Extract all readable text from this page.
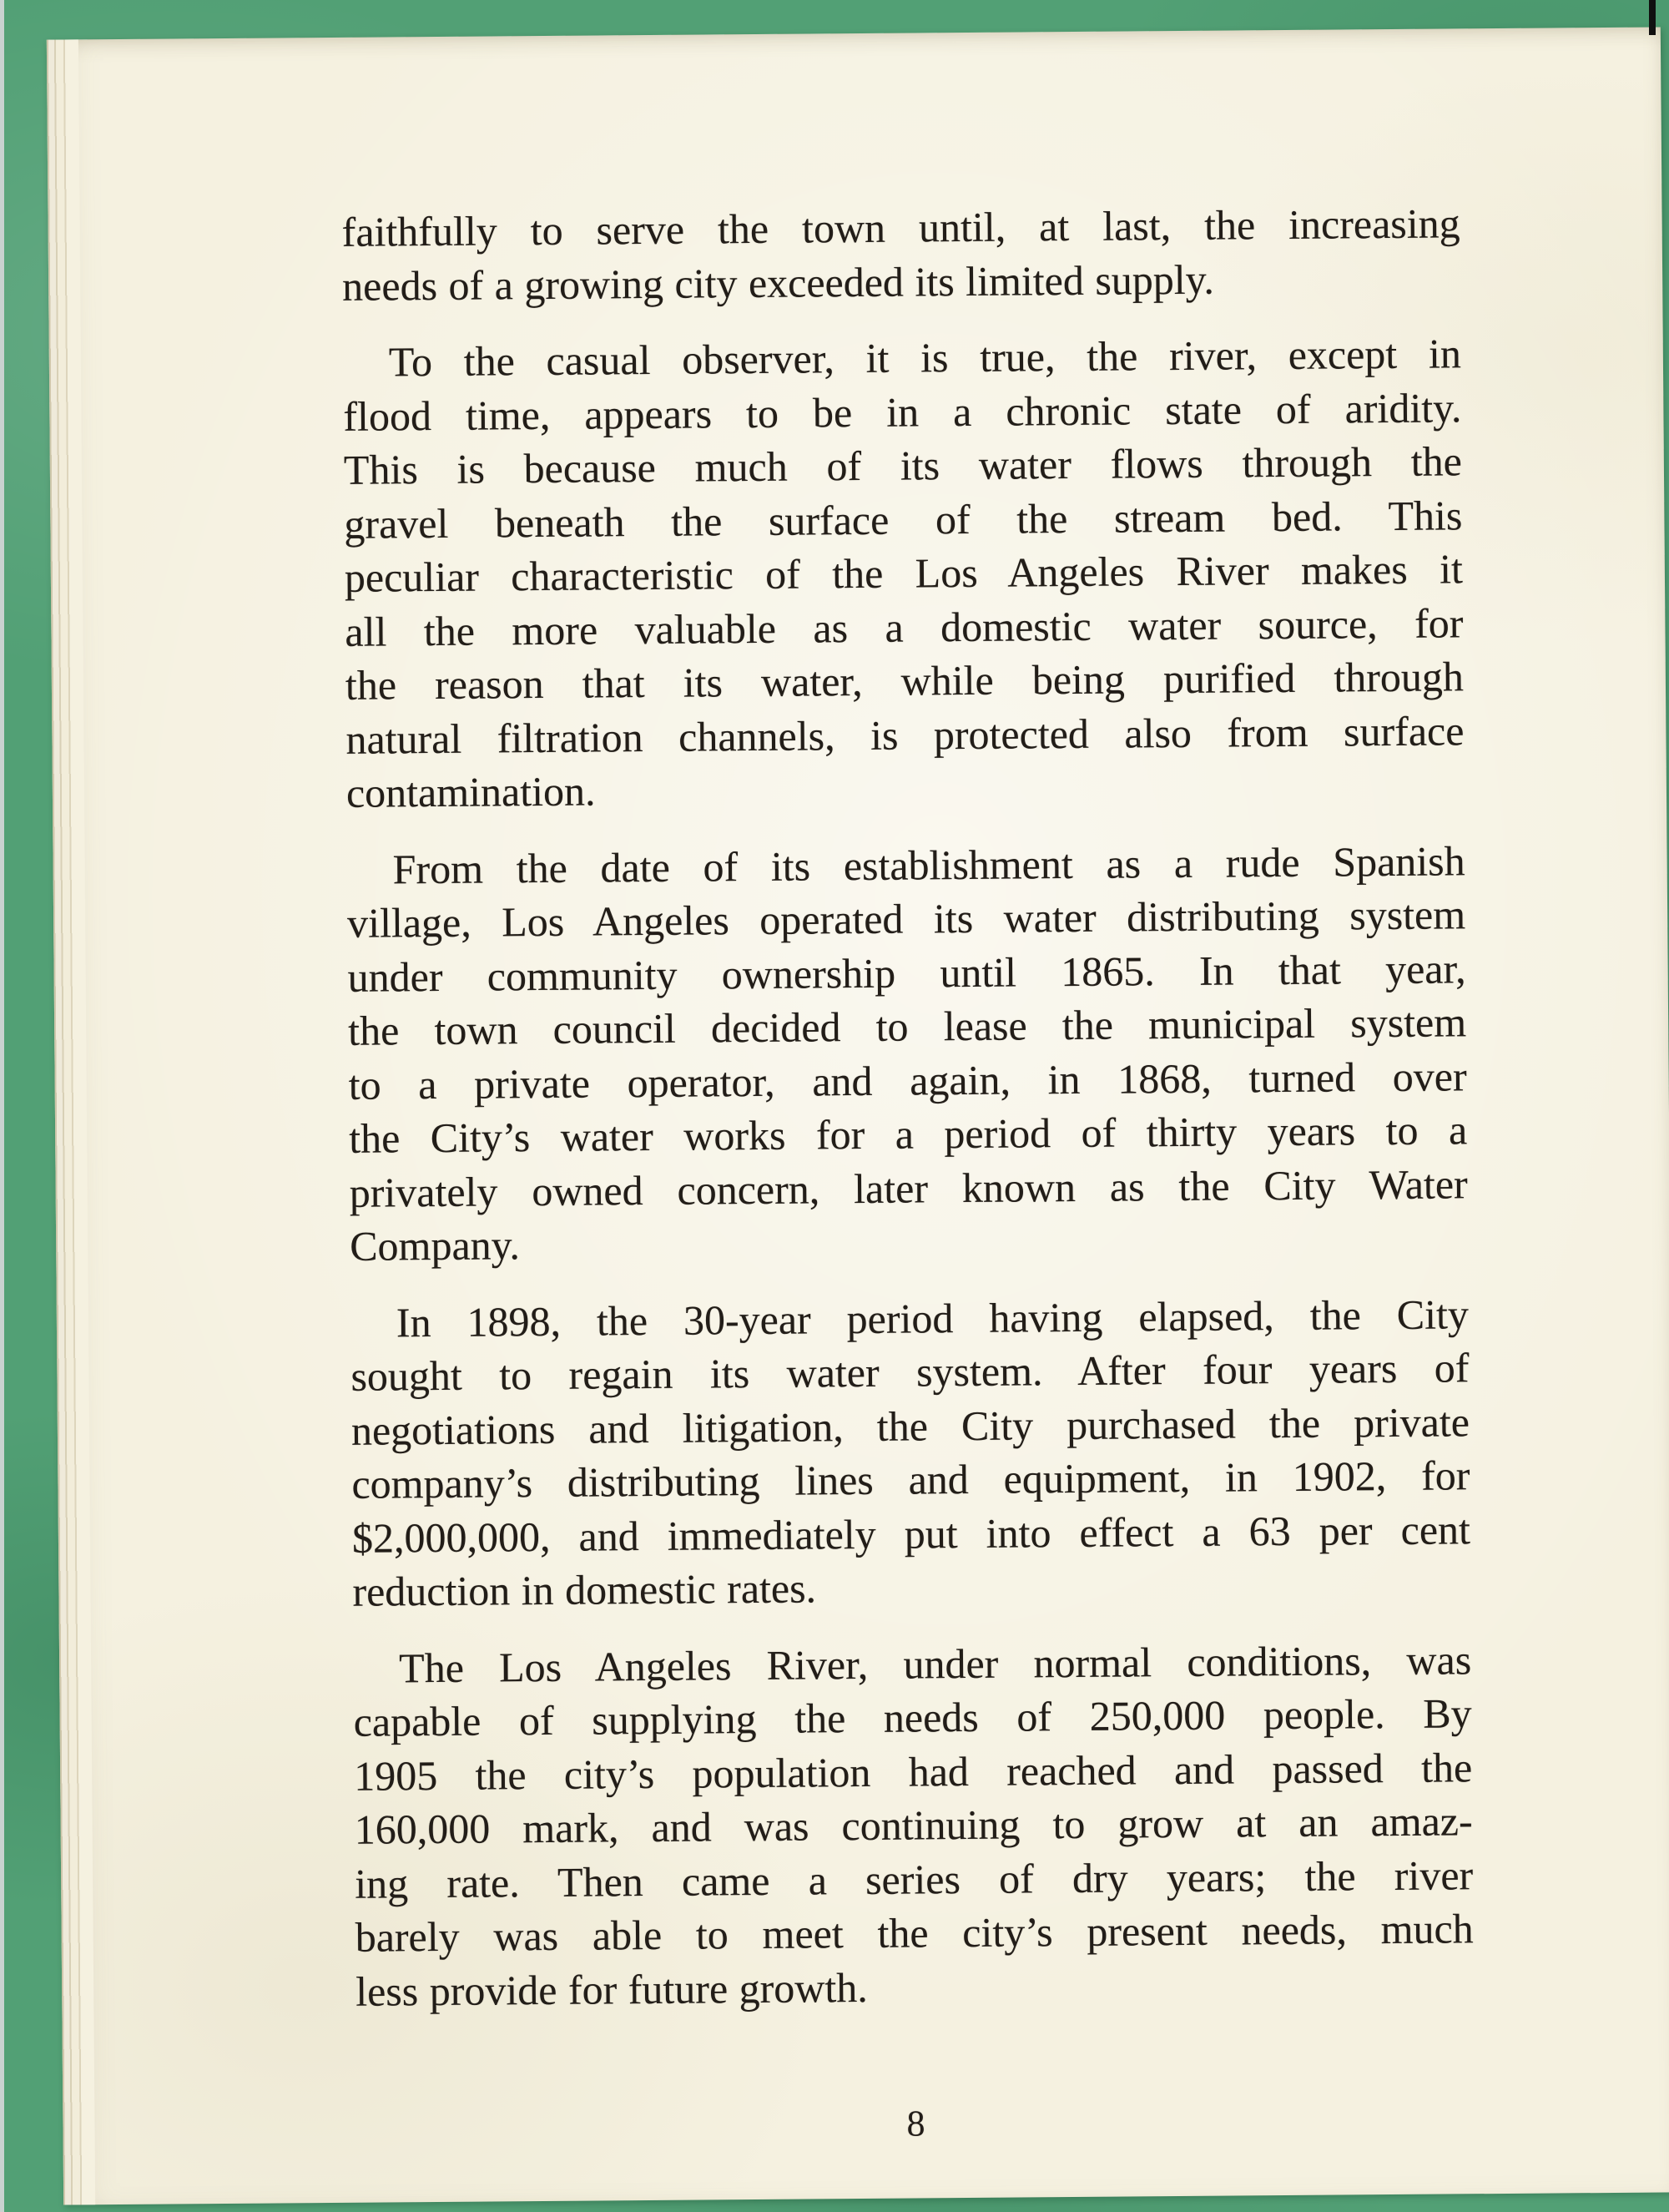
faithfully to serve the town until, at last, the increasing
needs of a growing city exceeded its limited supply.
To the casual observer, it is true, the river, except in
flood time, appears to be in a chronic state of aridity.
This is because much of its water flows through the
gravel beneath the surface of the stream bed. This
peculiar characteristic of the Los Angeles River makes it
all the more valuable as a domestic water source, for
the reason that its water, while being purified through
natural filtration channels, is protected also from surface
contamination.
From the date of its establishment as a rude Spanish
village, Los Angeles operated its water distributing system
under community ownership until 1865. In that year,
the town council decided to lease the municipal system
to a private operator, and again, in 1868, turned over
the City’s water works for a period of thirty years to a
privately owned concern, later known as the City Water
Company.
In 1898, the 30-year period having elapsed, the City
sought to regain its water system. After four years of
negotiations and litigation, the City purchased the private
company’s distributing lines and equipment, in 1902, for
$2,000,000, and immediately put into effect a 63 per cent
reduction in domestic rates.
The Los Angeles River, under normal conditions, was
capable of supplying the needs of 250,000 people. By
1905 the city’s population had reached and passed the
160,000 mark, and was continuing to grow at an amaz-
ing rate. Then came a series of dry years; the river
barely was able to meet the city’s present needs, much
less provide for future growth.
8
